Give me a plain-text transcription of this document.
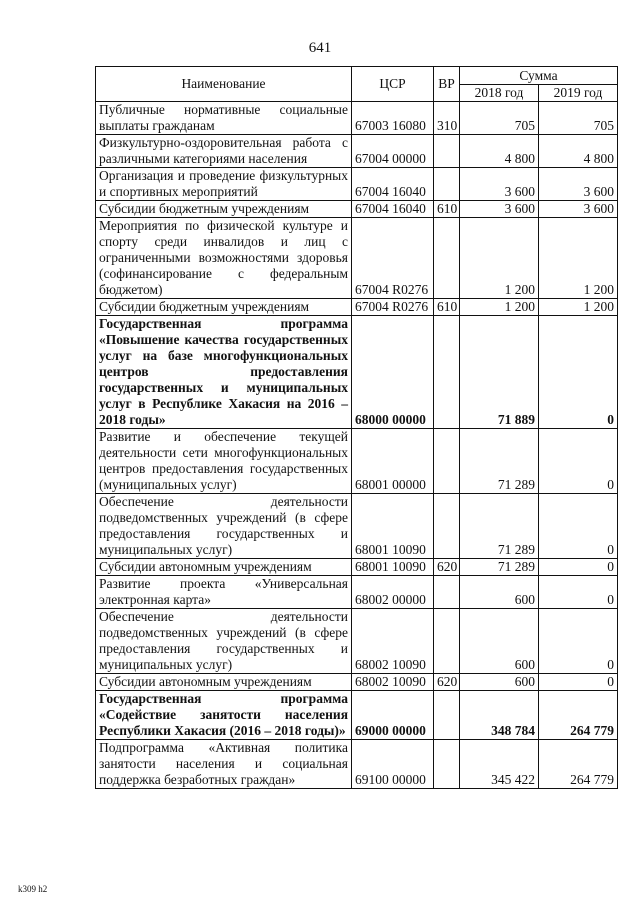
641
Наименование	ЦСР	ВР	Сумма	
			2018 год	2019 год
Публичные нормативные социальные выплаты гражданам	67003 16080	310	705	705
Физкультурно-оздоровительная работа с различными категориями населения	67004 00000		4 800	4 800
Организация и проведение физкультурных и спортивных мероприятий	67004 16040		3 600	3 600
Субсидии бюджетным учреждениям	67004 16040	610	3 600	3 600
Мероприятия по физической культуре и спорту среди инвалидов и лиц с ограниченными возможностями здоровья (софинансирование с федеральным бюджетом)	67004 R0276		1 200	1 200
Субсидии бюджетным учреждениям	67004 R0276	610	1 200	1 200
Государственная программа «Повышение качества государственных услуг на базе многофункциональных центров предоставления государственных и муниципальных услуг в Республике Хакасия на 2016 – 2018 годы»	68000 00000		71 889	0
Развитие и обеспечение текущей деятельности сети многофункциональных центров предоставления государственных (муниципальных услуг)	68001 00000		71 289	0
Обеспечение деятельности подведомственных учреждений (в сфере предоставления государственных и муниципальных услуг)	68001 10090		71 289	0
Субсидии автономным учреждениям	68001 10090	620	71 289	0
Развитие проекта «Универсальная электронная карта»	68002 00000		600	0
Обеспечение деятельности подведомственных учреждений (в сфере предоставления государственных и муниципальных услуг)	68002 10090		600	0
Субсидии автономным учреждениям	68002 10090	620	600	0
Государственная программа «Содействие занятости населения Республики Хакасия (2016 – 2018 годы)»	69000 00000		348 784	264 779
Подпрограмма «Активная политика занятости населения и социальная поддержка безработных граждан»	69100 00000		345 422	264 779
k309 h2
